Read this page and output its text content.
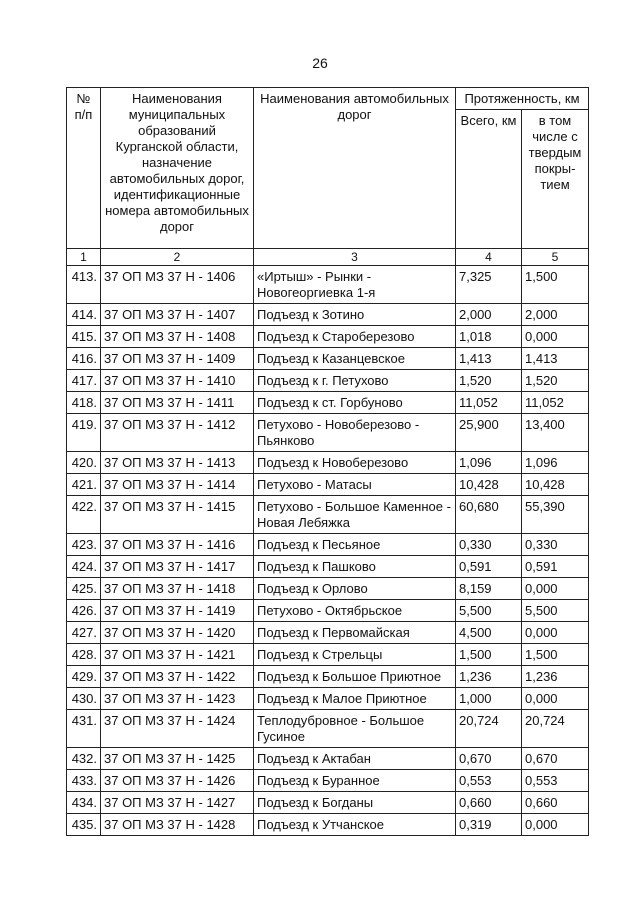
26
№ п/п	Наименования муниципальных образований Курганской области, назначение автомобильных дорог, идентификационные номера автомобильных дорог	Наименования автомобильных дорог	Протяженность, км	
			Всего, км	в том числе с твердым покры-тием
1	2	3	4	5
413.	37 ОП МЗ 37 Н - 1406	«Иртыш» - Рынки - Новогеоргиевка 1-я	7,325	1,500
414.	37 ОП МЗ 37 Н - 1407	Подъезд к Зотино	2,000	2,000
415.	37 ОП МЗ 37 Н - 1408	Подъезд к Староберезово	1,018	0,000
416.	37 ОП МЗ 37 Н - 1409	Подъезд к Казанцевское	1,413	1,413
417.	37 ОП МЗ 37 Н - 1410	Подъезд к г. Петухово	1,520	1,520
418.	37 ОП МЗ 37 Н - 1411	Подъезд к ст. Горбуново	11,052	11,052
419.	37 ОП МЗ 37 Н - 1412	Петухово - Новоберезово - Пьянково	25,900	13,400
420.	37 ОП МЗ 37 Н - 1413	Подъезд к Новоберезово	1,096	1,096
421.	37 ОП МЗ 37 Н - 1414	Петухово - Матасы	10,428	10,428
422.	37 ОП МЗ 37 Н - 1415	Петухово - Большое Каменное - Новая Лебяжка	60,680	55,390
423.	37 ОП МЗ 37 Н - 1416	Подъезд к Песьяное	0,330	0,330
424.	37 ОП МЗ 37 Н - 1417	Подъезд к Пашково	0,591	0,591
425.	37 ОП МЗ 37 Н - 1418	Подъезд к Орлово	8,159	0,000
426.	37 ОП МЗ 37 Н - 1419	Петухово - Октябрьское	5,500	5,500
427.	37 ОП МЗ 37 Н - 1420	Подъезд к Первомайская	4,500	0,000
428.	37 ОП МЗ 37 Н - 1421	Подъезд к Стрельцы	1,500	1,500
429.	37 ОП МЗ 37 Н - 1422	Подъезд к Большое Приютное	1,236	1,236
430.	37 ОП МЗ 37 Н - 1423	Подъезд к Малое Приютное	1,000	0,000
431.	37 ОП МЗ 37 Н - 1424	Теплодубровное - Большое Гусиное	20,724	20,724
432.	37 ОП МЗ 37 Н - 1425	Подъезд к Актабан	0,670	0,670
433.	37 ОП МЗ 37 Н - 1426	Подъезд к Буранное	0,553	0,553
434.	37 ОП МЗ 37 Н - 1427	Подъезд к Богданы	0,660	0,660
435.	37 ОП МЗ 37 Н - 1428	Подъезд к Утчанское	0,319	0,000
